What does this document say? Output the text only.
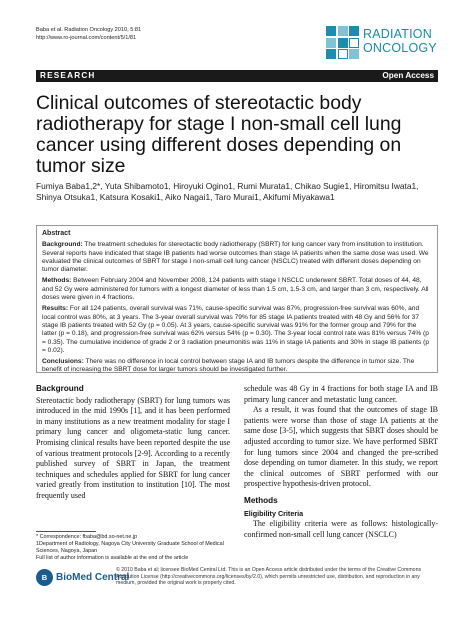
Baba et al. Radiation Oncology 2010, 5:81
http://www.ro-journal.com/content/5/1/81	RADIATION
ONCOLOGY
RESEARCH	Open Access
Clinical outcomes of stereotactic body radiotherapy for stage I non-small cell lung cancer using different doses depending on tumor size
Fumiya Baba1,2*, Yuta Shibamoto1, Hiroyuki Ogino1, Rumi Murata1, Chikao Sugie1, Hiromitsu Iwata1, Shinya Otsuka1, Katsura Kosaki1, Aiko Nagai1, Taro Murai1, Akifumi Miyakawa1
Abstract

Background: The treatment schedules for stereotactic body radiotherapy (SBRT) for lung cancer vary from institution to institution. Several reports have indicated that stage IB patients had worse outcomes than stage IA patients when the same dose was used. We evaluated the clinical outcomes of SBRT for stage I non-small cell lung cancer (NSCLC) treated with different doses depending on tumor diameter.

Methods: Between February 2004 and November 2008, 124 patients with stage I NSCLC underwent SBRT. Total doses of 44, 48, and 52 Gy were administered for tumors with a longest diameter of less than 1.5 cm, 1.5-3 cm, and larger than 3 cm, respectively. All doses were given in 4 fractions.

Results: For all 124 patients, overall survival was 71%, cause-specific survival was 87%, progression-free survival was 60%, and local control was 80%, at 3 years. The 3-year overall survival was 79% for 85 stage IA patients treated with 48 Gy and 56% for 37 stage IB patients treated with 52 Gy (p = 0.05). At 3 years, cause-specific survival was 91% for the former group and 79% for the latter (p = 0.18), and progression-free survival was 62% versus 54% (p = 0.30). The 3-year local control rate was 81% versus 74% (p = 0.35). The cumulative incidence of grade 2 or 3 radiation pneumonitis was 11% in stage IA patients and 30% in stage IB patients (p = 0.02).

Conclusions: There was no difference in local control between stage IA and IB tumors despite the difference in tumor size. The benefit of increasing the SBRT dose for larger tumors should be investigated further.

Background

Stereotactic body radiotherapy (SBRT) for lung tumors was introduced in the mid 1990s [1], and it has been performed in many institutions as a new treatment modality for stage I primary lung cancer and oligometa-static lung cancer. Promising clinical results have been reported despite the use of various treatment protocols [2-9]. According to a recently published survey of SBRT in Japan, the treatment techniques and schedules applied for SBRT for lung cancer varied greatly from institution to institution [10]. The most frequently used

schedule was 48 Gy in 4 fractions for both stage IA and IB primary lung cancer and metastatic lung cancer.

As a result, it was found that the outcomes of stage IB patients were worse than those of stage IA patients at the same dose [3-5], which suggests that SBRT doses should be adjusted according to tumor size. We have performed SBRT for lung tumors since 2004 and changed the pre-scribed dose depending on tumor diameter. In this study, we report the clinical outcomes of SBRT performed with our prospective hypothesis-driven protocol.

Methods
Eligibility Criteria

The eligibility criteria were as follows: histologically-confirmed non-small cell lung cancer (NSCLC)

* Correspondence: fbaba@bd.so-net.ne.jp
1Department of Radiology, Nagoya City University Graduate School of Medical Sciences, Nagoya, Japan
Full list of author information is available at the end of the article
B BioMed Central
© 2010 Baba et al; licensee BioMed Central Ltd. This is an Open Access article distributed under the terms of the Creative Commons Attribution License (http://creativecommons.org/licenses/by/2.0), which permits unrestricted use, distribution, and reproduction in any medium, provided the original work is properly cited.
